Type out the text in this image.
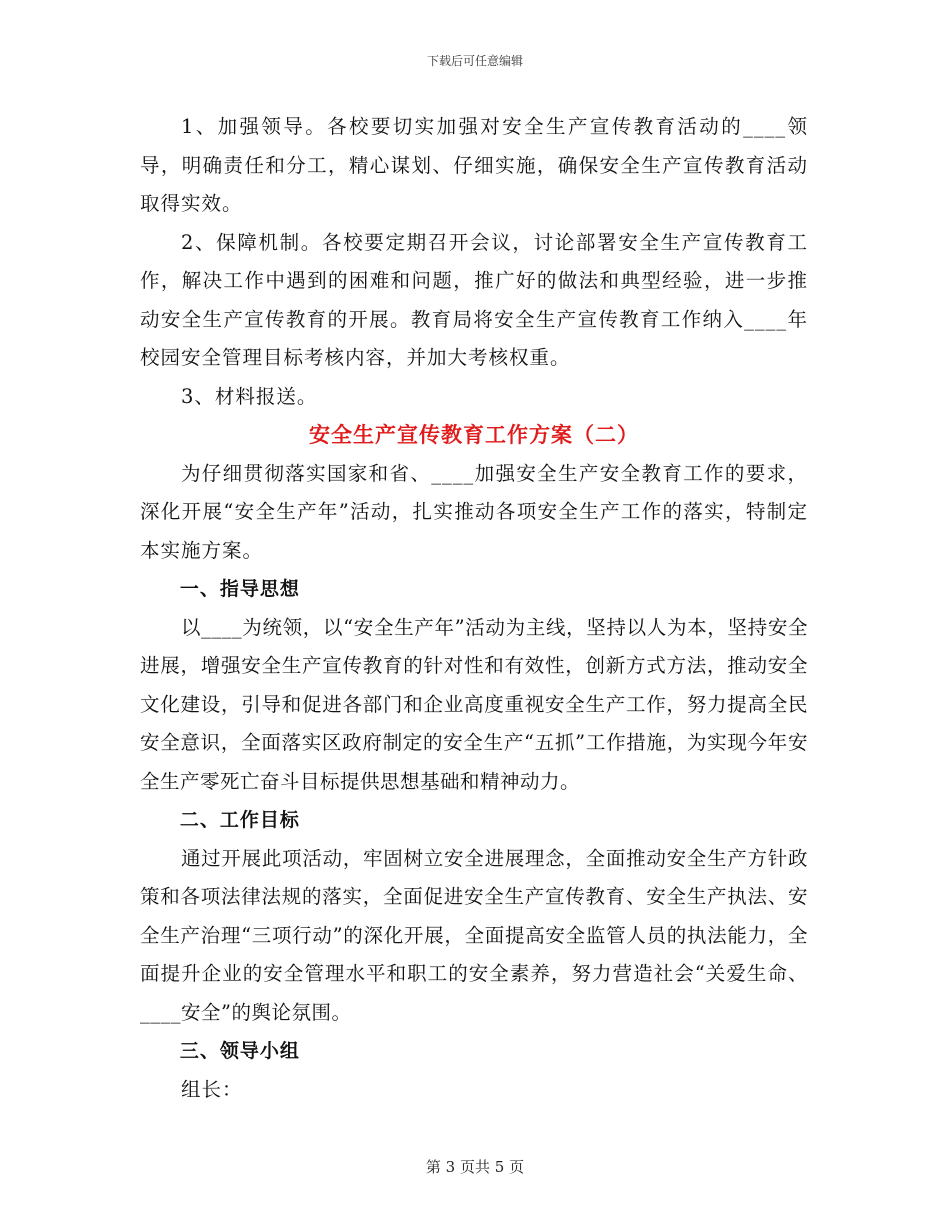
下载后可任意编辑

1、加强领导。各校要切实加强对安全生产宣传教育活动的____领导，明确责任和分工，精心谋划、仔细实施，确保安全生产宣传教育活动取得实效。

2、保障机制。各校要定期召开会议，讨论部署安全生产宣传教育工作，解决工作中遇到的困难和问题，推广好的做法和典型经验，进一步推动安全生产宣传教育的开展。教育局将安全生产宣传教育工作纳入____年校园安全管理目标考核内容，并加大考核权重。

3、材料报送。

安全生产宣传教育工作方案（二）

为仔细贯彻落实国家和省、____加强安全生产安全教育工作的要求，深化开展“安全生产年”活动，扎实推动各项安全生产工作的落实，特制定本实施方案。

一、指导思想

以____为统领，以“安全生产年”活动为主线，坚持以人为本，坚持安全进展，增强安全生产宣传教育的针对性和有效性，创新方式方法，推动安全文化建设，引导和促进各部门和企业高度重视安全生产工作，努力提高全民安全意识，全面落实区政府制定的安全生产“五抓”工作措施，为实现今年安全生产零死亡奋斗目标提供思想基础和精神动力。

二、工作目标

通过开展此项活动，牢固树立安全进展理念，全面推动安全生产方针政策和各项法律法规的落实，全面促进安全生产宣传教育、安全生产执法、安全生产治理“三项行动”的深化开展，全面提高安全监管人员的执法能力，全面提升企业的安全管理水平和职工的安全素养，努力营造社会“关爱生命、____安全”的舆论氛围。

三、领导小组

组长：

第 3 页共 5 页
